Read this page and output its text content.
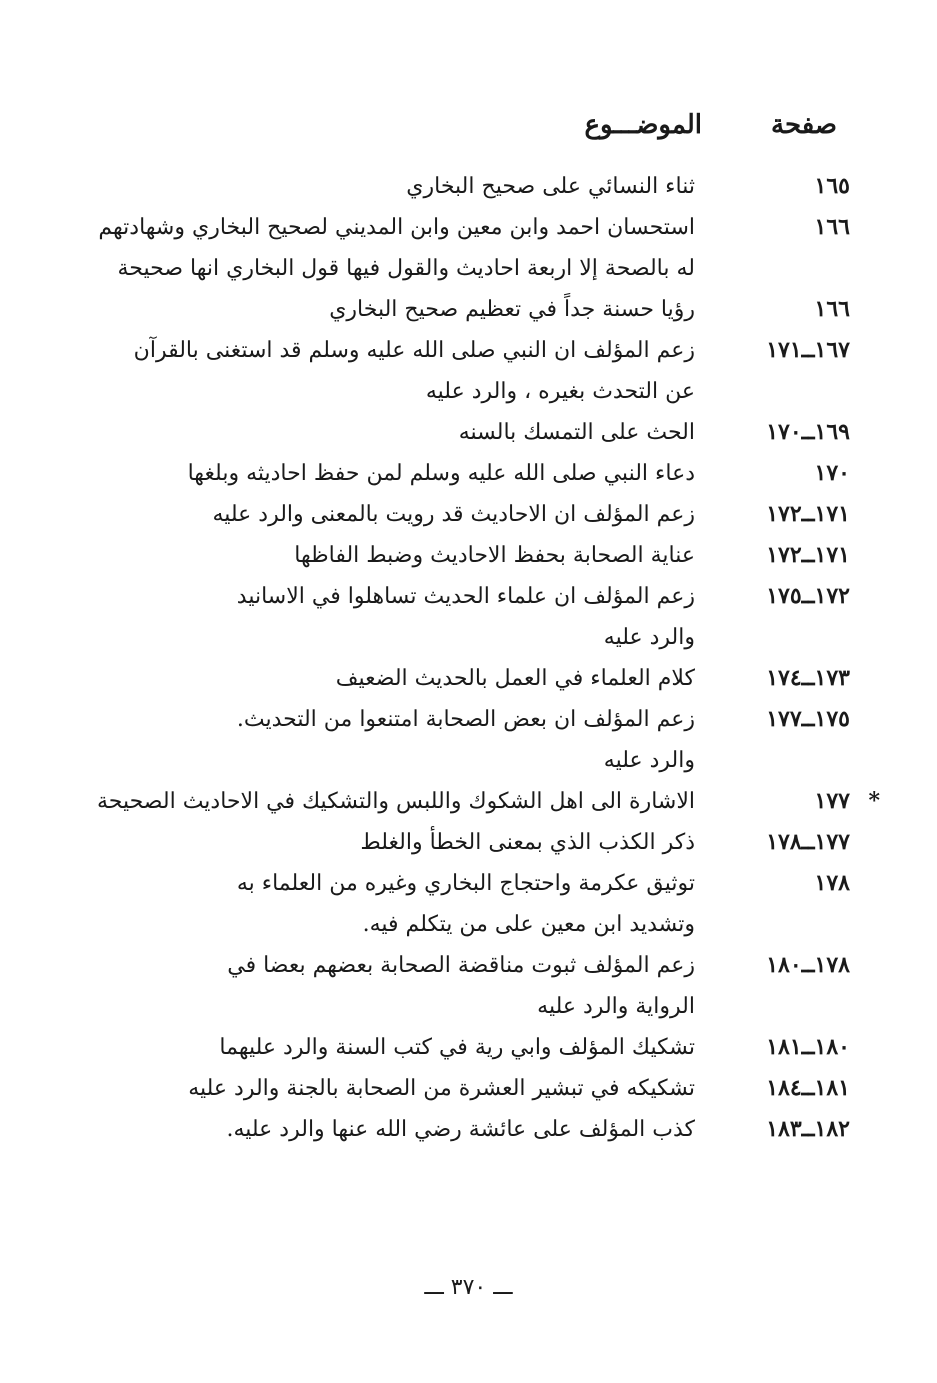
صفحة
الموضـــوع
١٦٥
ثناء النسائي على صحيح البخاري
١٦٦
استحسان احمد وابن معين وابن المديني لصحيح البخاري وشهادتهم
له بالصحة إلا اربعة احاديث والقول فيها قول البخاري انها صحيحة
١٦٦
رؤيا حسنة جداً في تعظيم صحيح البخاري
١٦٧ــ١٧١
زعم المؤلف ان النبي صلى الله عليه وسلم قد استغنى بالقرآن
عن التحدث بغيره ، والرد عليه
١٦٩ــ١٧٠
الحث على التمسك بالسنه
١٧٠
دعاء النبي صلى الله عليه وسلم لمن حفظ احاديثه وبلغها
١٧١ــ١٧٢
زعم المؤلف ان الاحاديث قد رويت بالمعنى والرد عليه
١٧١ــ١٧٢
عناية الصحابة بحفظ الاحاديث وضبط الفاظها
١٧٢ــ١٧٥
زعم المؤلف ان علماء الحديث تساهلوا في الاسانيد
والرد عليه
١٧٣ــ١٧٤
كلام العلماء في العمل بالحديث الضعيف
١٧٥ــ١٧٧
زعم المؤلف ان بعض الصحابة امتنعوا من التحديث.
والرد عليه
١٧٧ *
الاشارة الى اهل الشكوك واللبس والتشكيك في الاحاديث الصحيحة
١٧٧ــ١٧٨
ذكر الكذب الذي بمعنى الخطأ والغلط
١٧٨
توثيق عكرمة واحتجاج البخاري وغيره من العلماء به
وتشديد ابن معين على من يتكلم فيه.
١٧٨ــ١٨٠
زعم المؤلف ثبوت مناقضة الصحابة بعضهم بعضا في
الرواية والرد عليه
١٨٠ــ١٨١
تشكيك المؤلف وابي رية في كتب السنة والرد عليهما
١٨١ــ١٨٤
تشكيكه في تبشير العشرة من الصحابة بالجنة والرد عليه
١٨٢ــ١٨٣
كذب المؤلف على عائشة رضي الله عنها والرد عليه.
ـــ ٣٧٠ ـــ
